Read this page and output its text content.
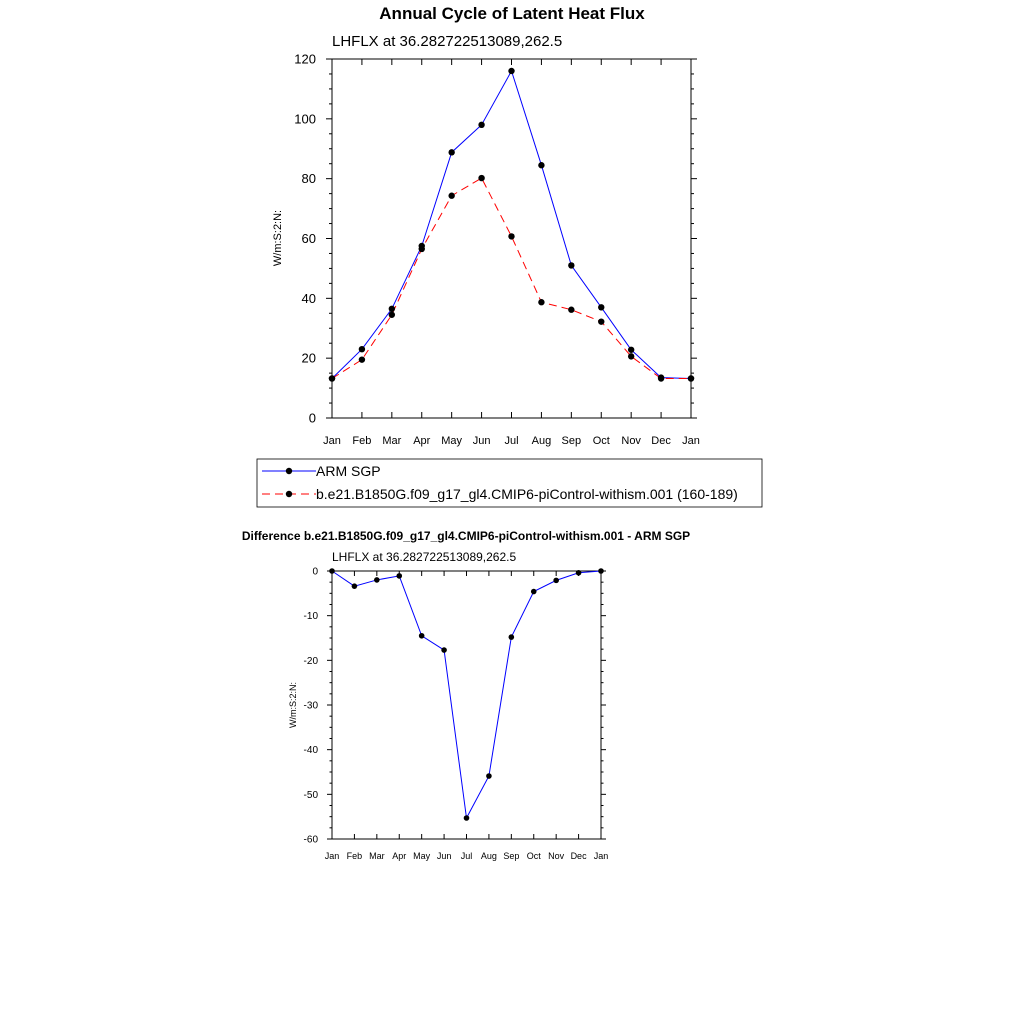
Annual Cycle of Latent Heat Flux
LHFLX at 36.282722513089,262.5
W/m:S:2:N:
Difference b.e21.B1850G.f09_g17_gl4.CMIP6-piControl-withism.001 - ARM SGP
LHFLX at 36.282722513089,262.5
W/m:S:2:N:
ARM SGP
b.e21.B1850G.f09_g17_gl4.CMIP6-piControl-withism.001 (160-189)
Jan Feb Mar Apr May Jun Jul Aug Sep Oct Nov Dec Jan
0
20
40
60
80
100
120
Jan Feb Mar Apr May Jun Jul Aug Sep Oct Nov Dec Jan
-60
-50
-40
-30
-20
-10
0
